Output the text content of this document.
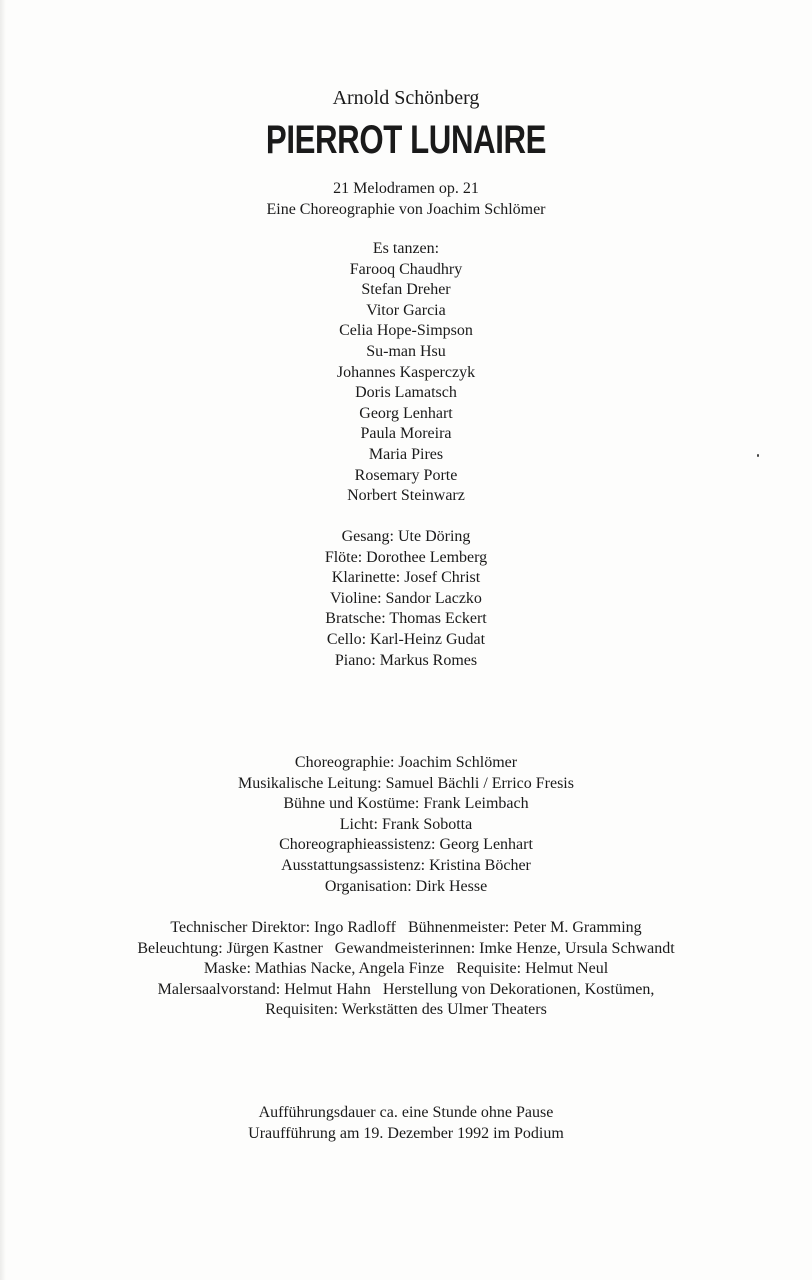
Arnold Schönberg
PIERROT LUNAIRE
21 Melodramen op. 21
Eine Choreographie von Joachim Schlömer
Es tanzen:
Farooq Chaudhry
Stefan Dreher
Vitor Garcia
Celia Hope-Simpson
Su-man Hsu
Johannes Kasperczyk
Doris Lamatsch
Georg Lenhart
Paula Moreira
Maria Pires
Rosemary Porte
Norbert Steinwarz
Gesang: Ute Döring
Flöte: Dorothee Lemberg
Klarinette: Josef Christ
Violine: Sandor Laczko
Bratsche: Thomas Eckert
Cello: Karl-Heinz Gudat
Piano: Markus Romes
Choreographie: Joachim Schlömer
Musikalische Leitung: Samuel Bächli / Errico Fresis
Bühne und Kostüme: Frank Leimbach
Licht: Frank Sobotta
Choreographieassistenz: Georg Lenhart
Ausstattungsassistenz: Kristina Böcher
Organisation: Dirk Hesse
Technischer Direktor: Ingo Radloff   Bühnenmeister: Peter M. Gramming
Beleuchtung: Jürgen Kastner   Gewandmeisterinnen: Imke Henze, Ursula Schwandt
Maske: Mathias Nacke, Angela Finze   Requisite: Helmut Neul
Malersaalvorstand: Helmut Hahn   Herstellung von Dekorationen, Kostümen,
Requisiten: Werkstätten des Ulmer Theaters
Aufführungsdauer ca. eine Stunde ohne Pause
Uraufführung am 19. Dezember 1992 im Podium
